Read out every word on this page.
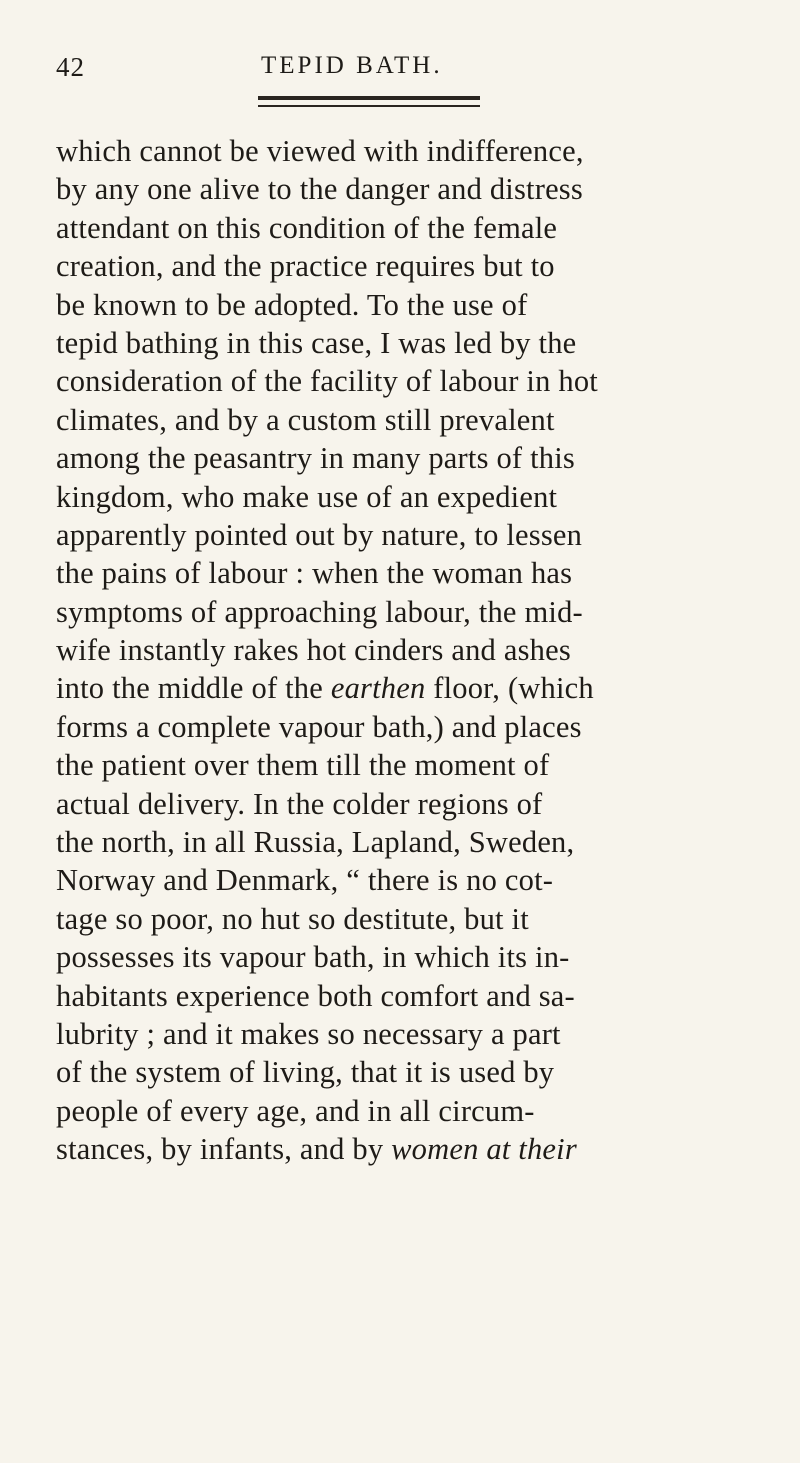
42	TEPID BATH.
which cannot be viewed with indifference,
by any one alive to the danger and distress
attendant on this condition of the female
creation, and the practice requires but to
be known to be adopted. To the use of
tepid bathing in this case, I was led by the
consideration of the facility of labour in hot
climates, and by a custom still prevalent
among the peasantry in many parts of this
kingdom, who make use of an expedient
apparently pointed out by nature, to lessen
the pains of labour : when the woman has
symptoms of approaching labour, the mid-
wife instantly rakes hot cinders and ashes
into the middle of the earthen floor, (which
forms a complete vapour bath,) and places
the patient over them till the moment of
actual delivery. In the colder regions of
the north, in all Russia, Lapland, Sweden,
Norway and Denmark, “ there is no cot-
tage so poor, no hut so destitute, but it
possesses its vapour bath, in which its in-
habitants experience both comfort and sa-
lubrity ; and it makes so necessary a part
of the system of living, that it is used by
people of every age, and in all circum-
stances, by infants, and by women at their
